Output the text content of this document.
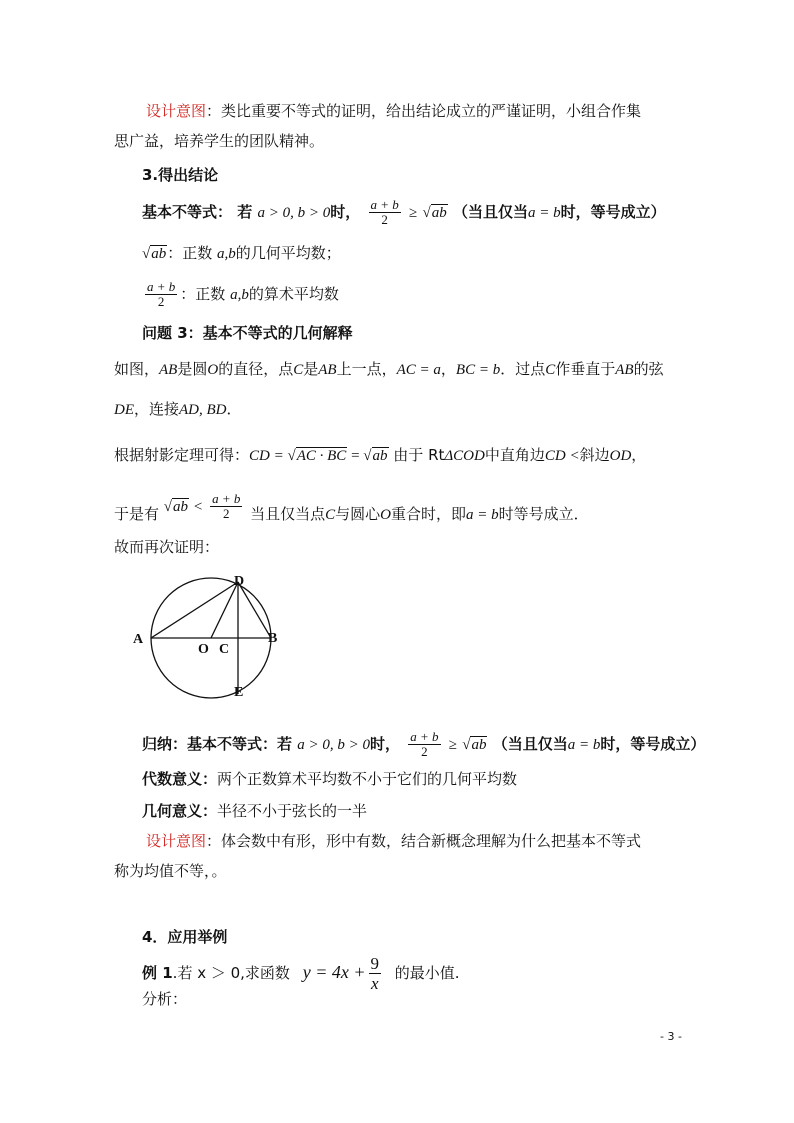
设计意图：类比重要不等式的证明，给出结论成立的严谨证明，小组合作集
思广益，培养学生的团队精神。
3.得出结论
基本不等式： 若 a > 0, b > 0时， $\frac{a + b}{2} \ge √ab$ （当且仅当a = b时，等号成立）
√ab：正数 a,b的几何平均数；
$\frac{a + b}{2}$ ：正数 a,b的算术平均数
问题 3：基本不等式的几何解释
如图，AB是圆O的直径，点C是AB上一点，AC = a，BC = b．过点C作垂直于AB的弦
DE，连接AD, BD．
根据射影定理可得：CD = √AC · BC = √ab 由于 RtΔCOD中直角边CD <斜边OD，
于是有 $√ab < \frac{a + b}{2}$ 当且仅当点C与圆心O重合时，即a = b时等号成立．
故而再次证明：
A	B
D
E
O C
归纳：基本不等式：若 a > 0, b > 0时， $\frac{a + b}{2} \ge √ab$ （当且仅当a = b时，等号成立）
代数意义：两个正数算术平均数不小于它们的几何平均数
几何意义：半径不小于弦长的一半
设计意图：体会数中有形，形中有数，结合新概念理解为什么把基本不等式
称为均值不等，。
4．应用举例
例 1.若 x ＞ 0,求函数 $y = 4x + \frac{9}{x}$ 的最小值.
分析：
- 3 -
